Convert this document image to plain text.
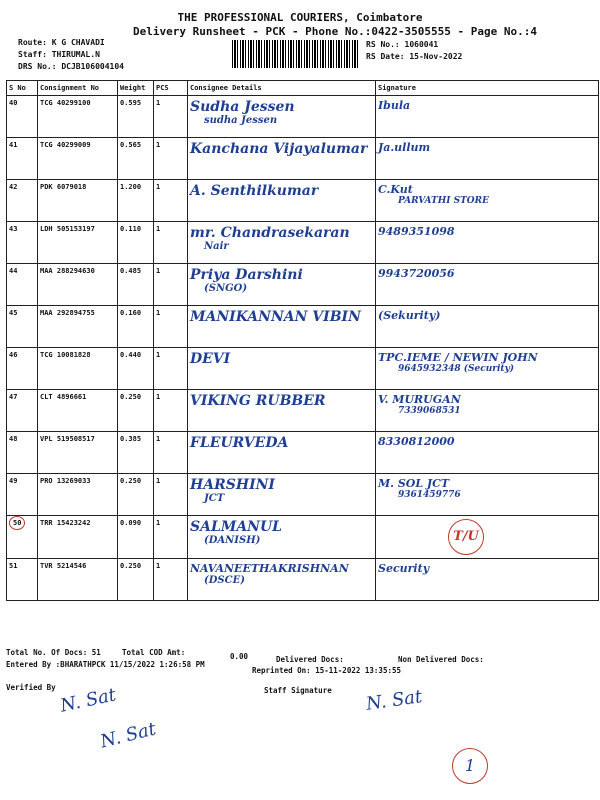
THE PROFESSIONAL COURIERS, Coimbatore
Delivery Runsheet - PCK - Phone No.:0422-3505555 - Page No.:4
Route: K G CHAVADI
Staff: THIRUMAL.N
DRS No.: DCJB106004104
RS No.: 1060041
RS Date: 15-Nov-2022
S No	Consignment No	Weight	PCS	Consignee Details	Signature
40	TCG 40299100	0.595	1	Sudha Jessen
sudha Jessen	Ibula

41	TCG 40299009	0.565	1	Kanchana Vijayalumar	Ja.ullum

42	PDK 6079018	1.200	1	A. Senthilkumar	C.Kut
PARVATHI STORE

43	LDH 505153197	0.110	1	mr. Chandrasekaran
Nair	9489351098

44	MAA 288294630	0.485	1	Priya Darshini
(SNGO)	9943720056

45	MAA 292894755	0.160	1	MANIKANNAN VIBIN	(Sekurity)

46	TCG 10081828	0.440	1	DEVI	TPC.IEME / NEWIN JOHN
9645932348 (Security)

47	CLT 4896661	0.250	1	VIKING RUBBER	V. MURUGAN
7339068531

48	VPL 519508517	0.385	1	FLEURVEDA	8330812000

49	PRO 13269033	0.250	1	HARSHINI
JCT	M. SOL JCT
9361459776

50	TRR 15423242	0.090	1	SALMANUL
(DANISH)	T/U
51	TVR 5214546	0.250	1	NAVANEETHAKRISHNAN
(DSCE)	Security
Total No. Of Docs: 51	Total COD Amt:	0.00	Delivered Docs:	Non Delivered Docs:
Entered By :BHARATHPCK 11/15/2022 1:26:58 PM
Reprinted On: 15-11-2022 13:35:55
Verified By	Staff Signature
N. Sat
N. Sat
N. Sat
1
